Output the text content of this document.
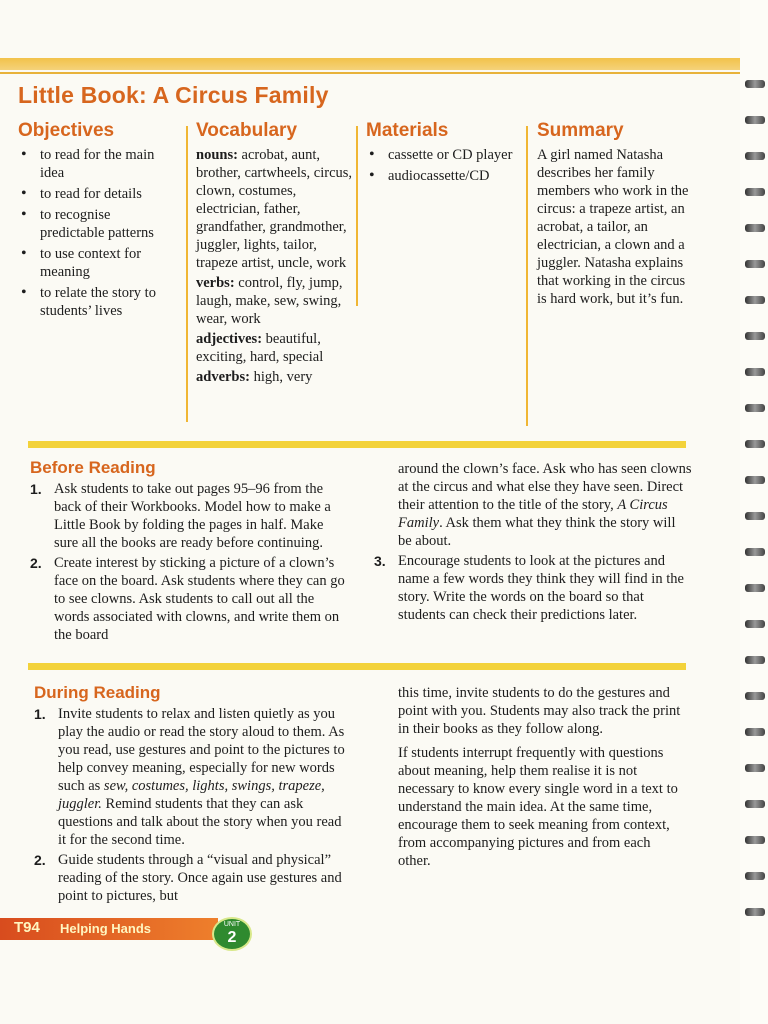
Little Book: A Circus Family
Objectives
• to read for the main idea
• to read for details
• to recognise predictable patterns
• to use context for meaning
• to relate the story to students’ lives
Vocabulary

nouns: acrobat, aunt, brother, cartwheels, circus, clown, costumes, electrician, father, grandfather, grandmother, juggler, lights, tailor, trapeze artist, uncle, work

verbs: control, fly, jump, laugh, make, sew, swing, wear, work

adjectives: beautiful, exciting, hard, special

adverbs: high, very

Materials
• cassette or CD player
• audiocassette/CD
Summary

A girl named Natasha describes her family members who work in the circus: a trapeze artist, an acrobat, a tailor, an electrician, a clown and a juggler. Natasha explains that working in the circus is hard work, but it’s fun.

Before Reading
1. Ask students to take out pages 95–96 from the back of their Workbooks. Model how to make a Little Book by folding the pages in half. Make sure all the books are ready before continuing.
2. Create interest by sticking a picture of a clown’s face on the board. Ask students where they can go to see clowns. Ask students to call out all the words associated with clowns, and write them on the board

around the clown’s face. Ask who has seen clowns at the circus and what else they have seen. Direct their attention to the title of the story, A Circus Family. Ask them what they think the story will be about.

3. Encourage students to look at the pictures and name a few words they think they will find in the story. Write the words on the board so that students can check their predictions later.
During Reading
1. Invite students to relax and listen quietly as you play the audio or read the story aloud to them. As you read, use gestures and point to the pictures to help convey meaning, especially for new words such as sew, costumes, lights, swings, trapeze, juggler. Remind students that they can ask questions and talk about the story when you read it for the second time.
2. Guide students through a “visual and physical” reading of the story. Once again use gestures and point to pictures, but

this time, invite students to do the gestures and point with you. Students may also track the print in their books as they follow along.

If students interrupt frequently with questions about meaning, help them realise it is not necessary to know every single word in a text to understand the main idea. At the same time, encourage them to seek meaning from context, from accompanying pictures and from each other.

T94 Helping Hands	UNIT
2
